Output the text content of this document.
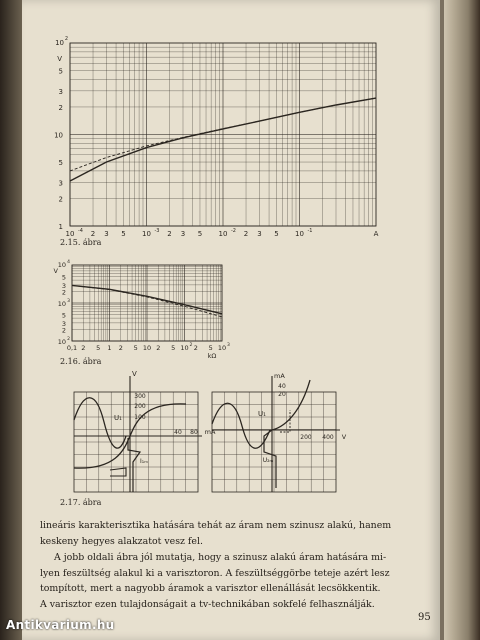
10 2
V
5
3
2
10
5
3
2
1
10 -4 2 3 5 10 -3 2 3 5 10 -2 2 3 5 10 -1	A
10 4
V
5
3
2
10 3
5
3
2
10 2
0,1 2 5 1 2 5 10 2 5 10 2 2 5 10 3
kΩ
V
300
200
100
U₁
40 80 mA
I₁ₘ
mA
40
20
U₁
200 400 V
U₂ₘ
2.15. ábra
2.16. ábra
2.17. ábra
lineáris karakterisztika hatására tehát az áram nem szinusz alakú, hanem
keskeny hegyes alakzatot vesz fel.
A jobb oldali ábra jól mutatja, hogy a szinusz alakú áram hatására mi-
lyen feszültség alakul ki a varisztoron. A feszültséggörbe teteje azért lesz
tompított, mert a nagyobb áramok a varisztor ellenállását lecsökkentik.
A varisztor ezen tulajdonságait a tv-technikában sokfelé felhasználják.
95
Antikvarium.hu
